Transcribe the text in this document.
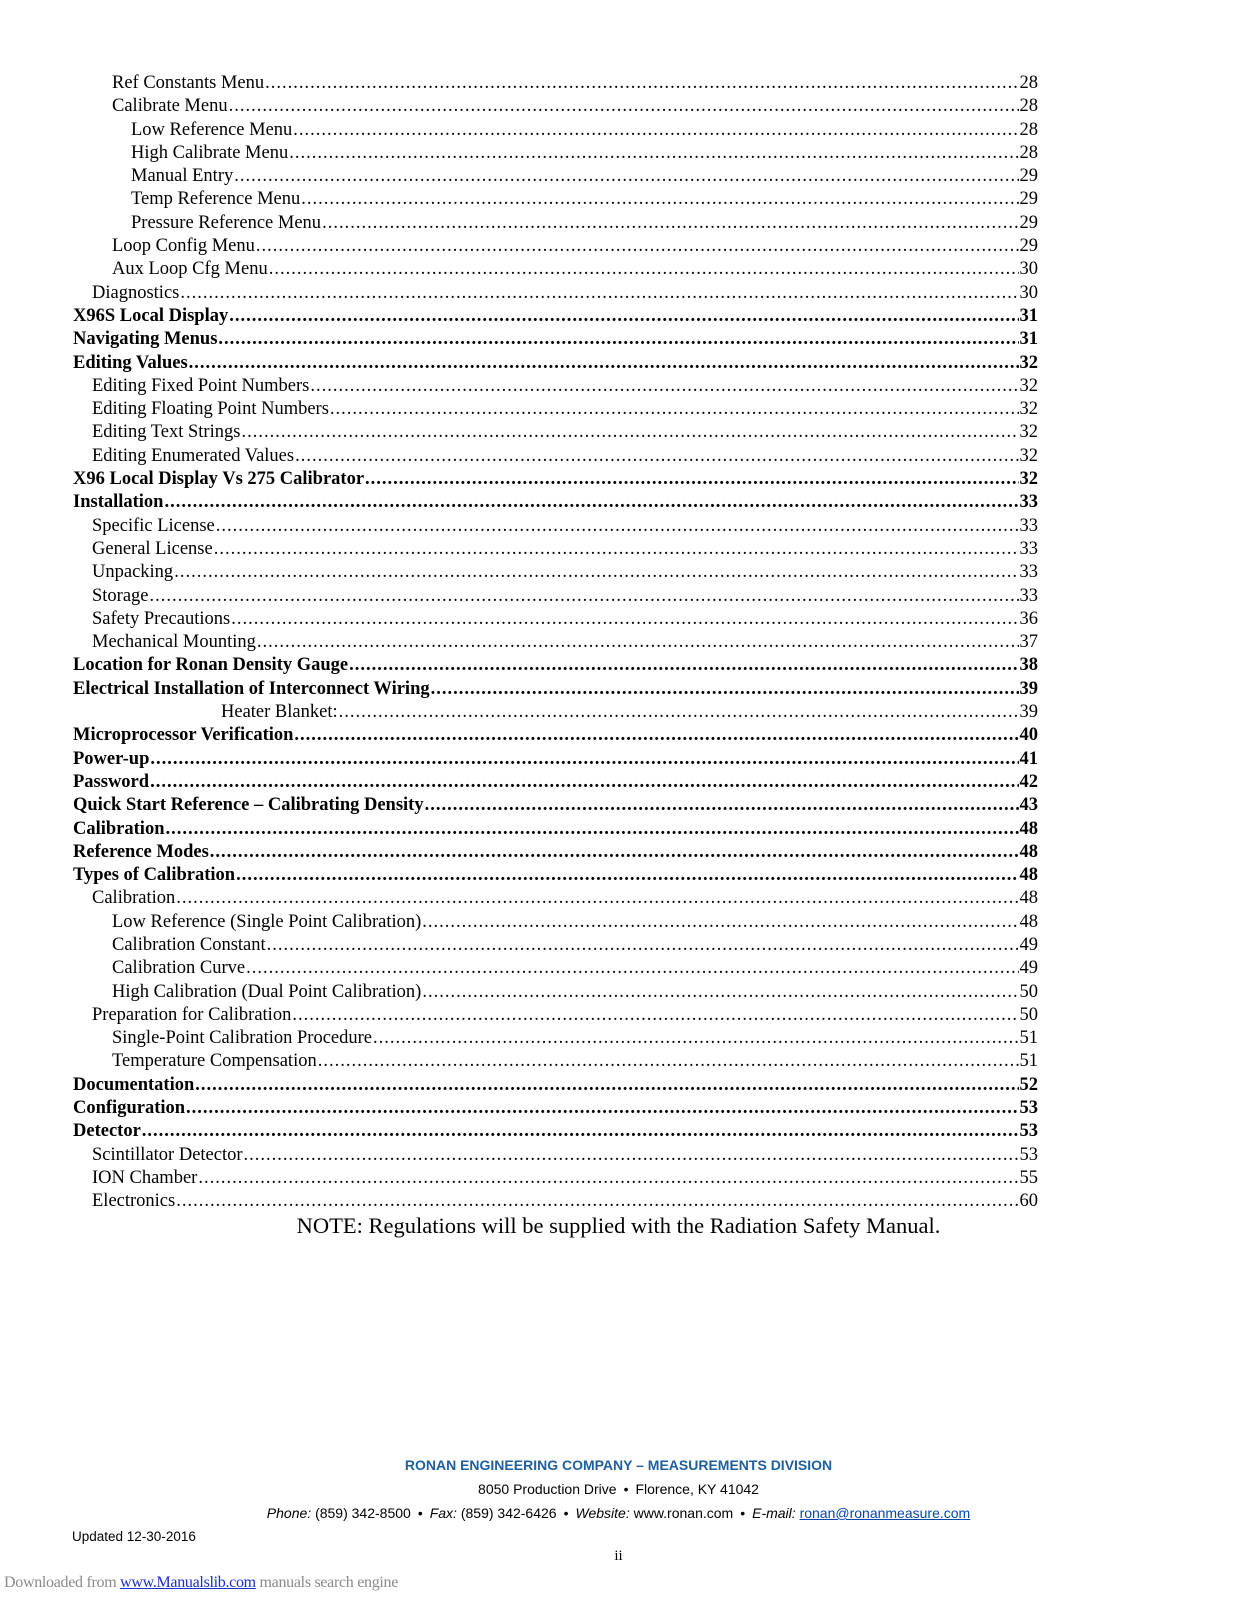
Ref Constants Menu .....	28
Calibrate Menu .....	28
Low Reference Menu .....	28
High Calibrate Menu .....	28
Manual Entry .....	29
Temp Reference Menu .....	29
Pressure Reference Menu .....	29
Loop Config Menu .....	29
Aux Loop Cfg Menu .....	30
Diagnostics .....	30
X96S Local Display .....	31
Navigating Menus .....	31
Editing Values .....	32
Editing Fixed Point Numbers .....	32
Editing Floating Point Numbers .....	32
Editing Text Strings .....	32
Editing Enumerated Values .....	32
X96 Local Display Vs 275 Calibrator .....	32
Installation .....	33
Specific License .....	33
General License .....	33
Unpacking .....	33
Storage .....	33
Safety Precautions .....	36
Mechanical Mounting .....	37
Location for Ronan Density Gauge .....	38
Electrical Installation of Interconnect Wiring .....	39
Heater Blanket: .....	39
Microprocessor Verification .....	40
Power-up .....	41
Password .....	42
Quick Start Reference – Calibrating Density .....	43
Calibration .....	48
Reference Modes .....	48
Types of Calibration .....	48
Calibration .....	48
Low Reference (Single Point Calibration) .....	48
Calibration Constant .....	49
Calibration Curve .....	49
High Calibration (Dual Point Calibration) .....	50
Preparation for Calibration .....	50
Single-Point Calibration Procedure .....	51
Temperature Compensation .....	51
Documentation .....	52
Configuration .....	53
Detector .....	53
Scintillator Detector .....	53
ION Chamber .....	55
Electronics .....	60
NOTE: Regulations will be supplied with the Radiation Safety Manual.
RONAN ENGINEERING COMPANY – MEASUREMENTS DIVISION
8050 Production Drive • Florence, KY 41042
Phone: (859) 342-8500 • Fax: (859) 342-6426 • Website: www.ronan.com • E-mail: ronan@ronanmeasure.com
Updated 12-30-2016
ii
Downloaded from www.Manualslib.com manuals search engine
